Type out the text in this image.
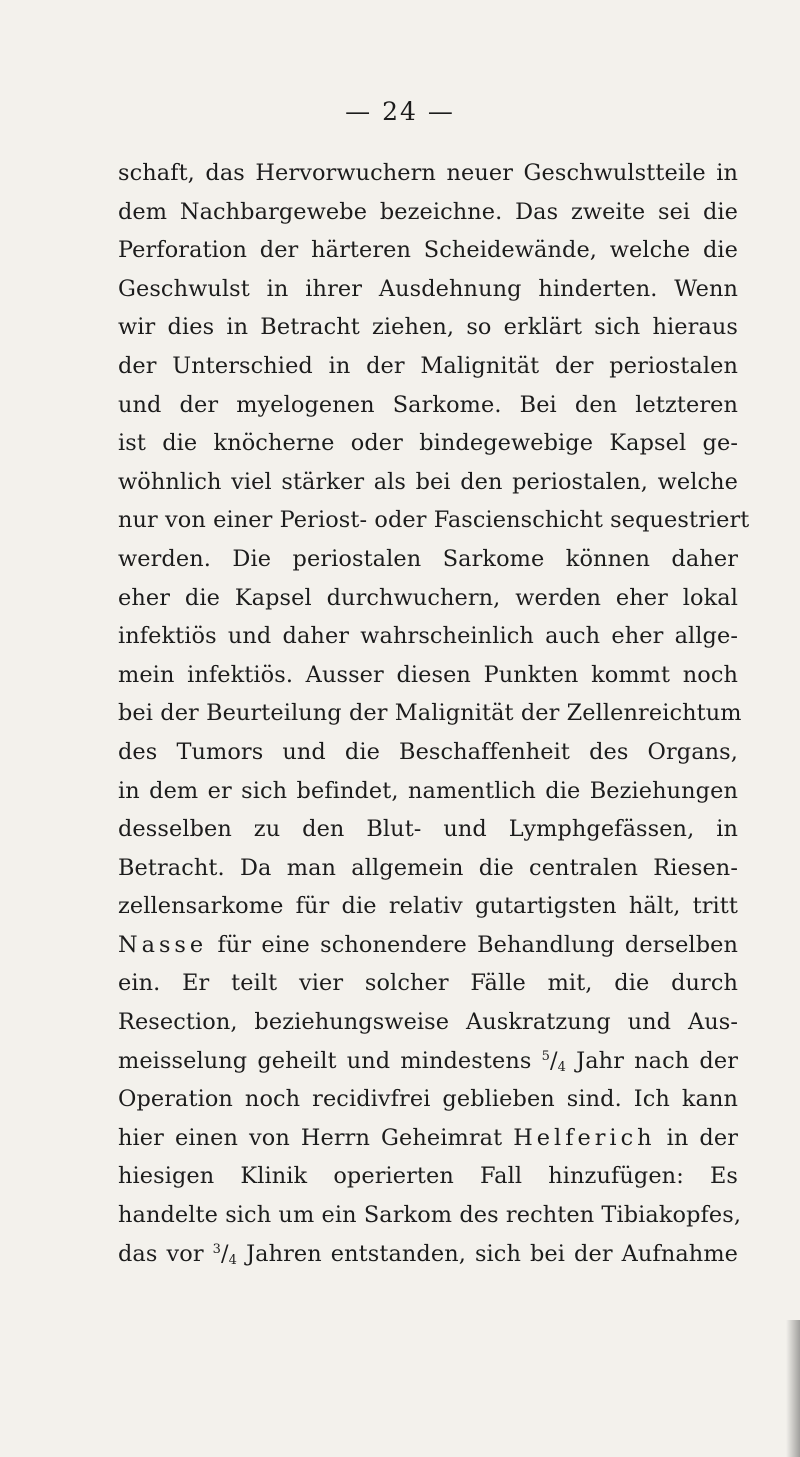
— 24 —
schaft, das Hervorwuchern neuer Geschwulstteile in
dem Nachbargewebe bezeichne. Das zweite sei die
Perforation der härteren Scheidewände, welche die
Geschwulst in ihrer Ausdehnung hinderten. Wenn
wir dies in Betracht ziehen, so erklärt sich hieraus
der Unterschied in der Malignität der periostalen
und der myelogenen Sarkome. Bei den letzteren
ist die knöcherne oder bindegewebige Kapsel ge-
wöhnlich viel stärker als bei den periostalen, welche
nur von einer Periost- oder Fascienschicht sequestriert
werden. Die periostalen Sarkome können daher
eher die Kapsel durchwuchern, werden eher lokal
infektiös und daher wahrscheinlich auch eher allge-
mein infektiös. Ausser diesen Punkten kommt noch
bei der Beurteilung der Malignität der Zellenreichtum
des Tumors und die Beschaffenheit des Organs,
in dem er sich befindet, namentlich die Beziehungen
desselben zu den Blut- und Lymphgefässen, in
Betracht. Da man allgemein die centralen Riesen-
zellensarkome für die relativ gutartigsten hält, tritt
Nasse für eine schonendere Behandlung derselben
ein. Er teilt vier solcher Fälle mit, die durch
Resection, beziehungsweise Auskratzung und Aus-
meisselung geheilt und mindestens $^5/_4$ Jahr nach der
Operation noch recidivfrei geblieben sind. Ich kann
hier einen von Herrn Geheimrat Helferich in der
hiesigen Klinik operierten Fall hinzufügen: Es
handelte sich um ein Sarkom des rechten Tibiakopfes,
das vor $^3/_4$ Jahren entstanden, sich bei der Aufnahme
